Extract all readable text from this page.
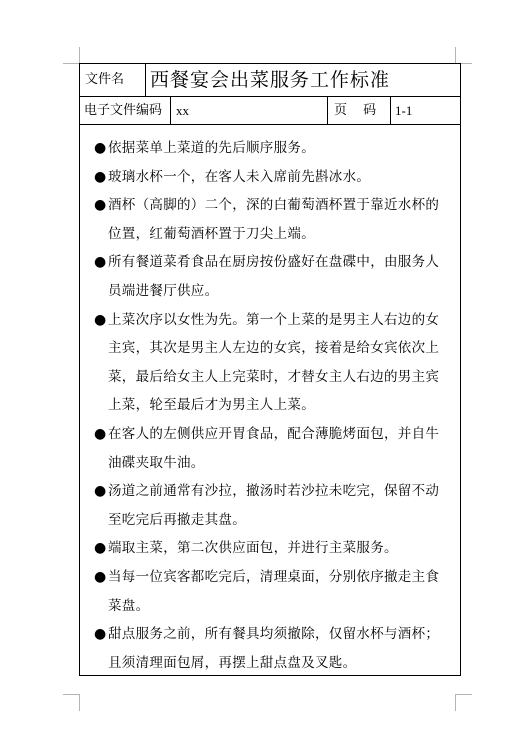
文件名	西餐宴会出菜服务工作标准
电子文件编码	xx	页 码 1-1
● 依据菜单上菜道的先后顺序服务。
● 玻璃水杯一个，在客人未入席前先斟冰水。
● 酒杯（高脚的）二个，深的白葡萄酒杯置于靠近水杯的位置，红葡萄酒杯置于刀尖上端。
● 所有餐道菜肴食品在厨房按份盛好在盘碟中，由服务人员端进餐厅供应。
● 上菜次序以女性为先。第一个上菜的是男主人右边的女主宾，其次是男主人左边的女宾，接着是给女宾依次上菜，最后给女主人上完菜时，才替女主人右边的男主宾上菜，轮至最后才为男主人上菜。
● 在客人的左侧供应开胃食品，配合薄脆烤面包，并自牛油碟夹取牛油。
● 汤道之前通常有沙拉，撤汤时若沙拉未吃完，保留不动至吃完后再撤走其盘。
● 端取主菜，第二次供应面包，并进行主菜服务。
● 当每一位宾客都吃完后，清理桌面，分别依序撤走主食菜盘。
● 甜点服务之前，所有餐具均须撤除，仅留水杯与酒杯；且须清理面包屑，再摆上甜点盘及叉匙。
